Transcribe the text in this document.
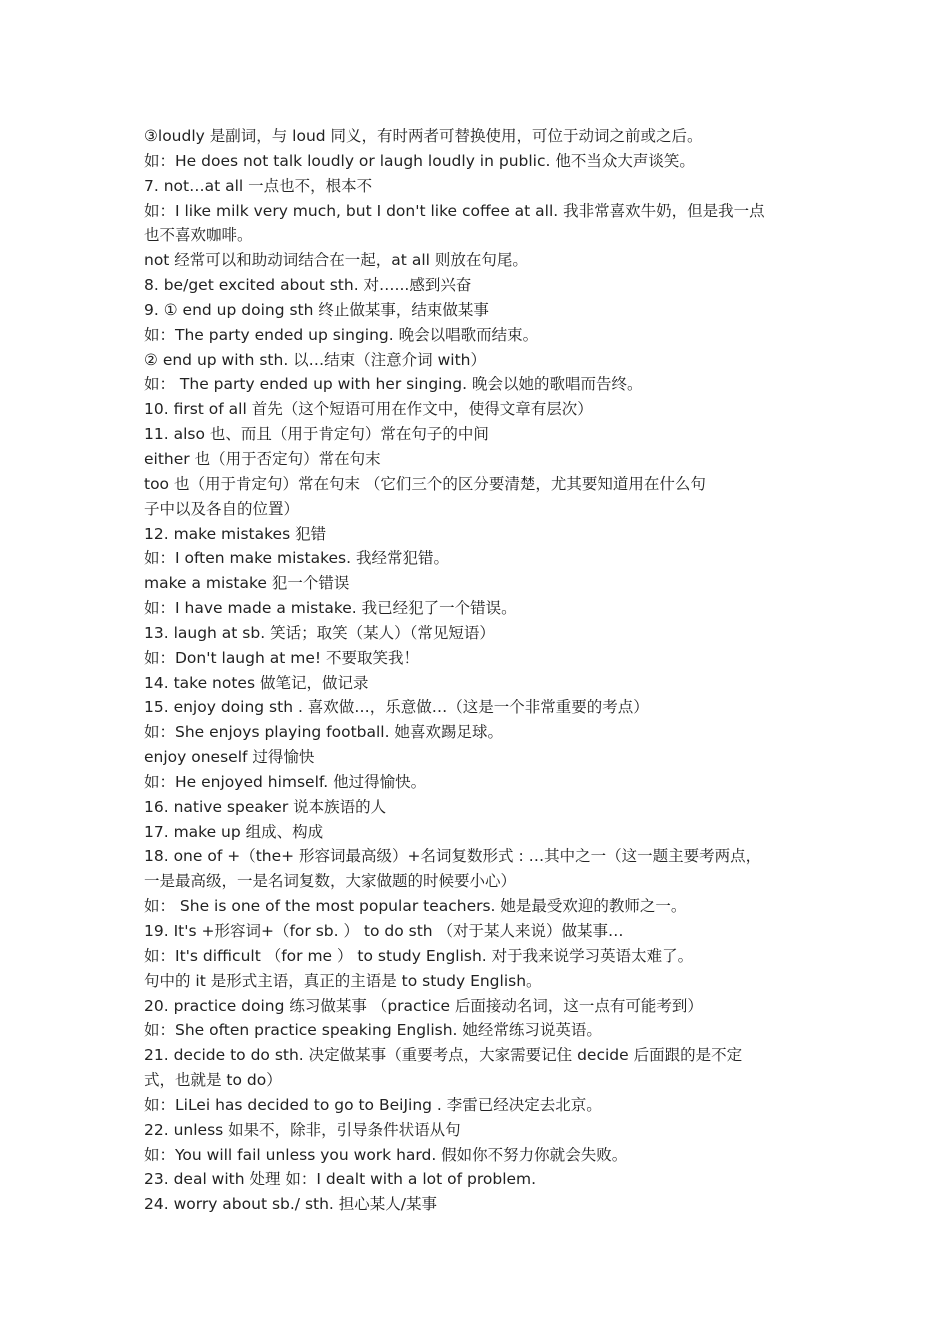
③loudly 是副词，与 loud 同义，有时两者可替换使用，可位于动词之前或之后。
如：He does not talk loudly or laugh loudly in public. 他不当众大声谈笑。
7. not…at all 一点也不，根本不
如：I like milk very much, but I don't like coffee at all. 我非常喜欢牛奶，但是我一点
也不喜欢咖啡。
not 经常可以和助动词结合在一起，at all 则放在句尾。
8. be/get excited about sth. 对…...感到兴奋
9. ① end up doing sth 终止做某事，结束做某事
如：The party ended up singing. 晚会以唱歌而结束。
② end up with sth. 以…结束（注意介词 with）
如： The party ended up with her singing. 晚会以她的歌唱而告终。
10. first of all 首先（这个短语可用在作文中，使得文章有层次）
11. also 也、而且（用于肯定句）常在句子的中间
either 也（用于否定句）常在句末
too 也（用于肯定句）常在句末 （它们三个的区分要清楚，尤其要知道用在什么句
子中以及各自的位置）
12. make mistakes 犯错
如：I often make mistakes. 我经常犯错。
make a mistake 犯一个错误
如：I have made a mistake. 我已经犯了一个错误。
13. laugh at sb. 笑话；取笑（某人）（常见短语）
如：Don't laugh at me! 不要取笑我！
14. take notes 做笔记，做记录
15. enjoy doing sth . 喜欢做…，乐意做…（这是一个非常重要的考点）
如：She enjoys playing football. 她喜欢踢足球。
enjoy oneself 过得愉快
如：He enjoyed himself. 他过得愉快。
16. native speaker 说本族语的人
17. make up 组成、构成
18. one of +（the+ 形容词最高级）+名词复数形式 : …其中之一（这一题主要考两点，
一是最高级，一是名词复数，大家做题的时候要小心）
如： She is one of the most popular teachers. 她是最受欢迎的教师之一。
19. It's +形容词+（for sb. ） to do sth （对于某人来说）做某事…
如：It's difficult （for me ） to study English. 对于我来说学习英语太难了。
句中的 it 是形式主语，真正的主语是 to study English。
20. practice doing 练习做某事 （practice 后面接动名词，这一点有可能考到）
如：She often practice speaking English. 她经常练习说英语。
21. decide to do sth. 决定做某事（重要考点，大家需要记住 decide 后面跟的是不定
式，也就是 to do）
如：LiLei has decided to go to BeiJing . 李雷已经决定去北京。
22. unless 如果不，除非，引导条件状语从句
如：You will fail unless you work hard. 假如你不努力你就会失败。
23. deal with 处理 如：I dealt with a lot of problem.
24. worry about sb./ sth. 担心某人/某事
